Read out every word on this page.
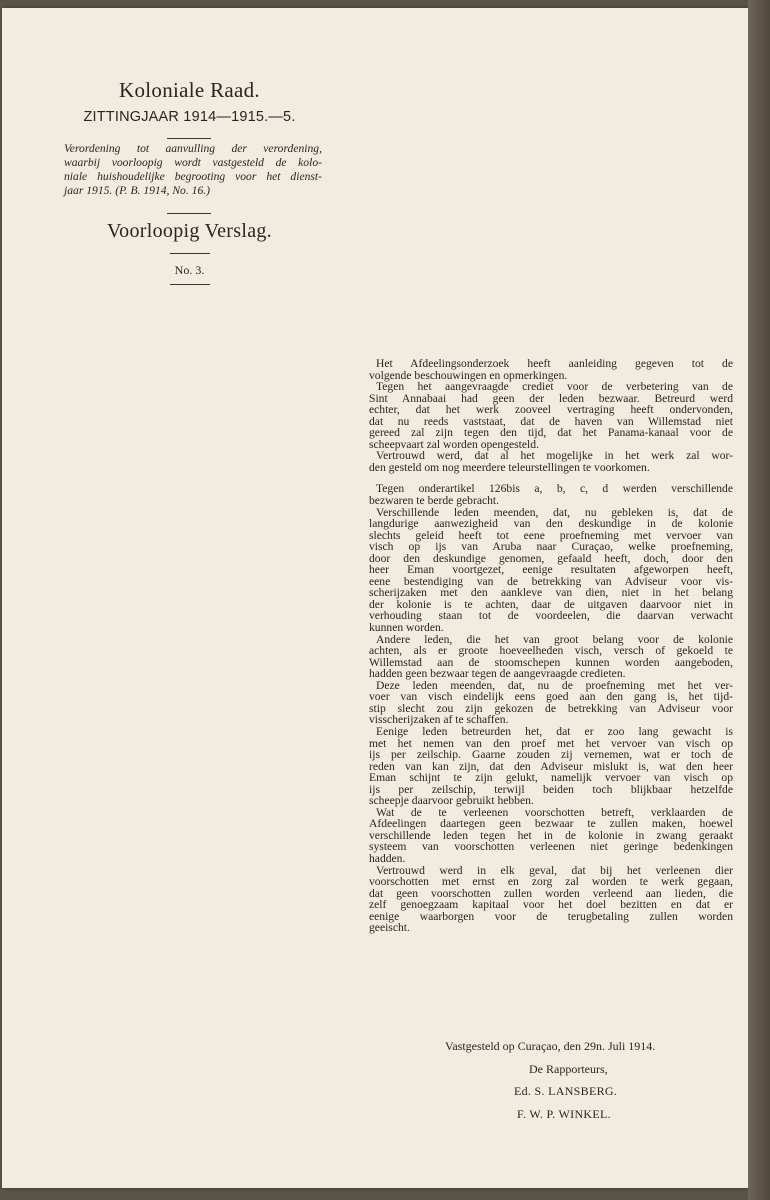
Koloniale Raad.
ZITTINGJAAR 1914—1915.—5.
Verordening tot aanvulling der verordening,
waarbij voorloopig wordt vastgesteld de kolo-
niale huishoudelijke begrooting voor het dienst-
jaar 1915. (P. B. 1914, No. 16.)
Voorloopig Verslag.
No. 3.

Het Afdeelingsonderzoek heeft aanleiding gegeven tot de
volgende beschouwingen en opmerkingen.

Tegen het aangevraagde crediet voor de verbetering van de
Sint Annabaai had geen der leden bezwaar. Betreurd werd
echter, dat het werk zooveel vertraging heeft ondervonden,
dat nu reeds vaststaat, dat de haven van Willemstad niet
gereed zal zijn tegen den tijd, dat het Panama-kanaal voor de
scheepvaart zal worden opengesteld.

Vertrouwd werd, dat al het mogelijke in het werk zal wor-
den gesteld om nog meerdere teleurstellingen te voorkomen.

Tegen onderartikel 126bis a, b, c, d werden verschillende
bezwaren te berde gebracht.

Verschillende leden meenden, dat, nu gebleken is, dat de
langdurige aanwezigheid van den deskundige in de kolonie
slechts geleid heeft tot eene proefneming met vervoer van
visch op ijs van Aruba naar Curaçao, welke proefneming,
door den deskundige genomen, gefaald heeft, doch, door den
heer Eman voortgezet, eenige resultaten afgeworpen heeft,
eene bestendiging van de betrekking van Adviseur voor vis-
scherijzaken met den aankleve van dien, niet in het belang
der kolonie is te achten, daar de uitgaven daarvoor niet in
verhouding staan tot de voordeelen, die daarvan verwacht
kunnen worden.

Andere leden, die het van groot belang voor de kolonie
achten, als er groote hoeveelheden visch, versch of gekoeld te
Willemstad aan de stoomschepen kunnen worden aangeboden,
hadden geen bezwaar tegen de aangevraagde credieten.

Deze leden meenden, dat, nu de proefneming met het ver-
voer van visch eindelijk eens goed aan den gang is, het tijd-
stip slecht zou zijn gekozen de betrekking van Adviseur voor
visscherijzaken af te schaffen.

Eenige leden betreurden het, dat er zoo lang gewacht is
met het nemen van den proef met het vervoer van visch op
ijs per zeilschip. Gaarne zouden zij vernemen, wat er toch de
reden van kan zijn, dat den Adviseur mislukt is, wat den heer
Eman schijnt te zijn gelukt, namelijk vervoer van visch op
ijs per zeilschip, terwijl beiden toch blijkbaar hetzelfde
scheepje daarvoor gebruikt hebben.

Wat de te verleenen voorschotten betreft, verklaarden de
Afdeelingen daartegen geen bezwaar te zullen maken, hoewel
verschillende leden tegen het in de kolonie in zwang geraakt
systeem van voorschotten verleenen niet geringe bedenkingen
hadden.

Vertrouwd werd in elk geval, dat bij het verleenen dier
voorschotten met ernst en zorg zal worden te werk gegaan,
dat geen voorschotten zullen worden verleend aan lieden, die
zelf genoegzaam kapitaal voor het doel bezitten en dat er
eenige waarborgen voor de terugbetaling zullen worden
geeischt.

Vastgesteld op Curaçao, den 29n. Juli 1914.
De Rapporteurs,
Ed. S. LANSBERG.
F. W. P. WINKEL.
